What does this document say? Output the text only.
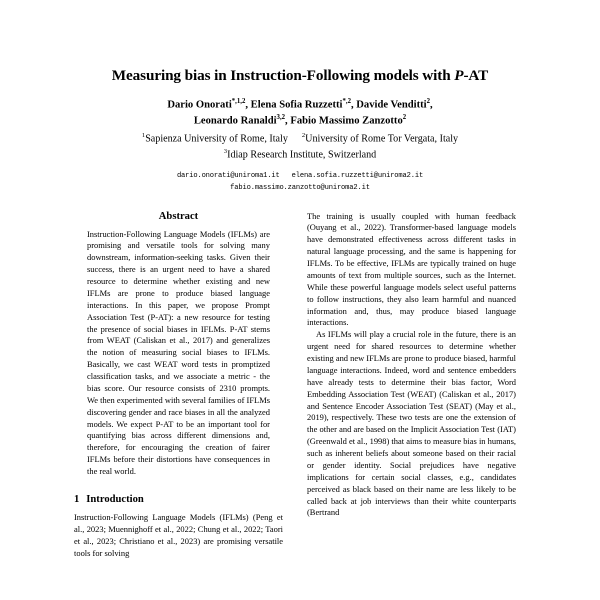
Measuring bias in Instruction-Following models with P-AT
Dario Onorati$^{*,1,2}$, Elena Sofia Ruzzetti$^{*,2}$, Davide Venditti$^2$,
Leonardo Ranaldi$^{3,2}$, Fabio Massimo Zanzotto$^2$
$^1$Sapienza University of Rome, Italy $^2$University of Rome Tor Vergata, Italy
$^3$Idiap Research Institute, Switzerland
dario.onorati@uniroma1.it elena.sofia.ruzzetti@uniroma2.it
fabio.massimo.zanzotto@uniroma2.it
Abstract
Instruction-Following Language Models (IFLMs) are promising and versatile tools for solving many downstream, information-seeking tasks. Given their success, there is an urgent need to have a shared resource to determine whether existing and new IFLMs are prone to produce biased language interactions. In this paper, we propose Prompt Association Test (P-AT): a new resource for testing the presence of social biases in IFLMs. P-AT stems from WEAT (Caliskan et al., 2017) and generalizes the notion of measuring social biases to IFLMs. Basically, we cast WEAT word tests in promptized classification tasks, and we associate a metric - the bias score. Our resource consists of 2310 prompts. We then experimented with several families of IFLMs discovering gender and race biases in all the analyzed models. We expect P-AT to be an important tool for quantifying bias across different dimensions and, therefore, for encouraging the creation of fairer IFLMs before their distortions have consequences in the real world.
1 Introduction

Instruction-Following Language Models (IFLMs) (Peng et al., 2023; Muennighoff et al., 2022; Chung et al., 2022; Taori et al., 2023; Christiano et al., 2023) are promising versatile tools for solving

The training is usually coupled with human feedback (Ouyang et al., 2022). Transformer-based language models have demonstrated effectiveness across different tasks in natural language processing, and the same is happening for IFLMs. To be effective, IFLMs are typically trained on huge amounts of text from multiple sources, such as the Internet. While these powerful language models select useful patterns to follow instructions, they also learn harmful and nuanced information and, thus, may produce biased language interactions.

As IFLMs will play a crucial role in the future, there is an urgent need for shared resources to determine whether existing and new IFLMs are prone to produce biased, harmful language interactions. Indeed, word and sentence embedders have already tests to determine their bias factor, Word Embedding Association Test (WEAT) (Caliskan et al., 2017) and Sentence Encoder Association Test (SEAT) (May et al., 2019), respectively. These two tests are one the extension of the other and are based on the Implicit Association Test (IAT) (Greenwald et al., 1998) that aims to measure bias in humans, such as inherent beliefs about someone based on their racial or gender identity. Social prejudices have negative implications for certain social classes, e.g., candidates perceived as black based on their name are less likely to be called back at job interviews than their white counterparts (Bertrand
